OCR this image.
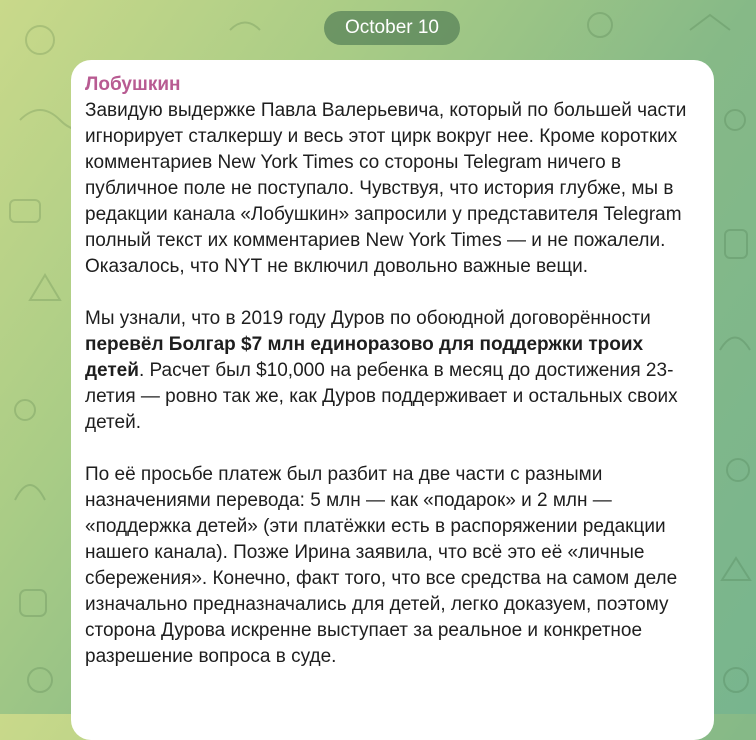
October 10
Лобушкин

Завидую выдержке Павла Валерьевича, который по большей части игнорирует сталкершу и весь этот цирк вокруг нее. Кроме коротких комментариев New York Times со стороны Telegram ничего в публичное поле не поступало. Чувствуя, что история глубже, мы в редакции канала «Лобушкин» запросили у представителя Telegram полный текст их комментариев New York Times — и не пожалели. Оказалось, что NYT не включил довольно важные вещи.

Мы узнали, что в 2019 году Дуров по обоюдной договорённости перевёл Болгар $7 млн единоразово для поддержки троих детей. Расчет был $10,000 на ребенка в месяц до достижения 23-летия — ровно так же, как Дуров поддерживает и остальных своих детей.

По её просьбе платеж был разбит на две части с разными назначениями перевода: 5 млн — как «подарок» и 2 млн — «поддержка детей» (эти платёжки есть в распоряжении редакции нашего канала). Позже Ирина заявила, что всё это её «личные сбережения». Конечно, факт того, что все средства на самом деле изначально предназначались для детей, легко доказуем, поэтому сторона Дурова искренне выступает за реальное и конкретное разрешение вопроса в суде.
